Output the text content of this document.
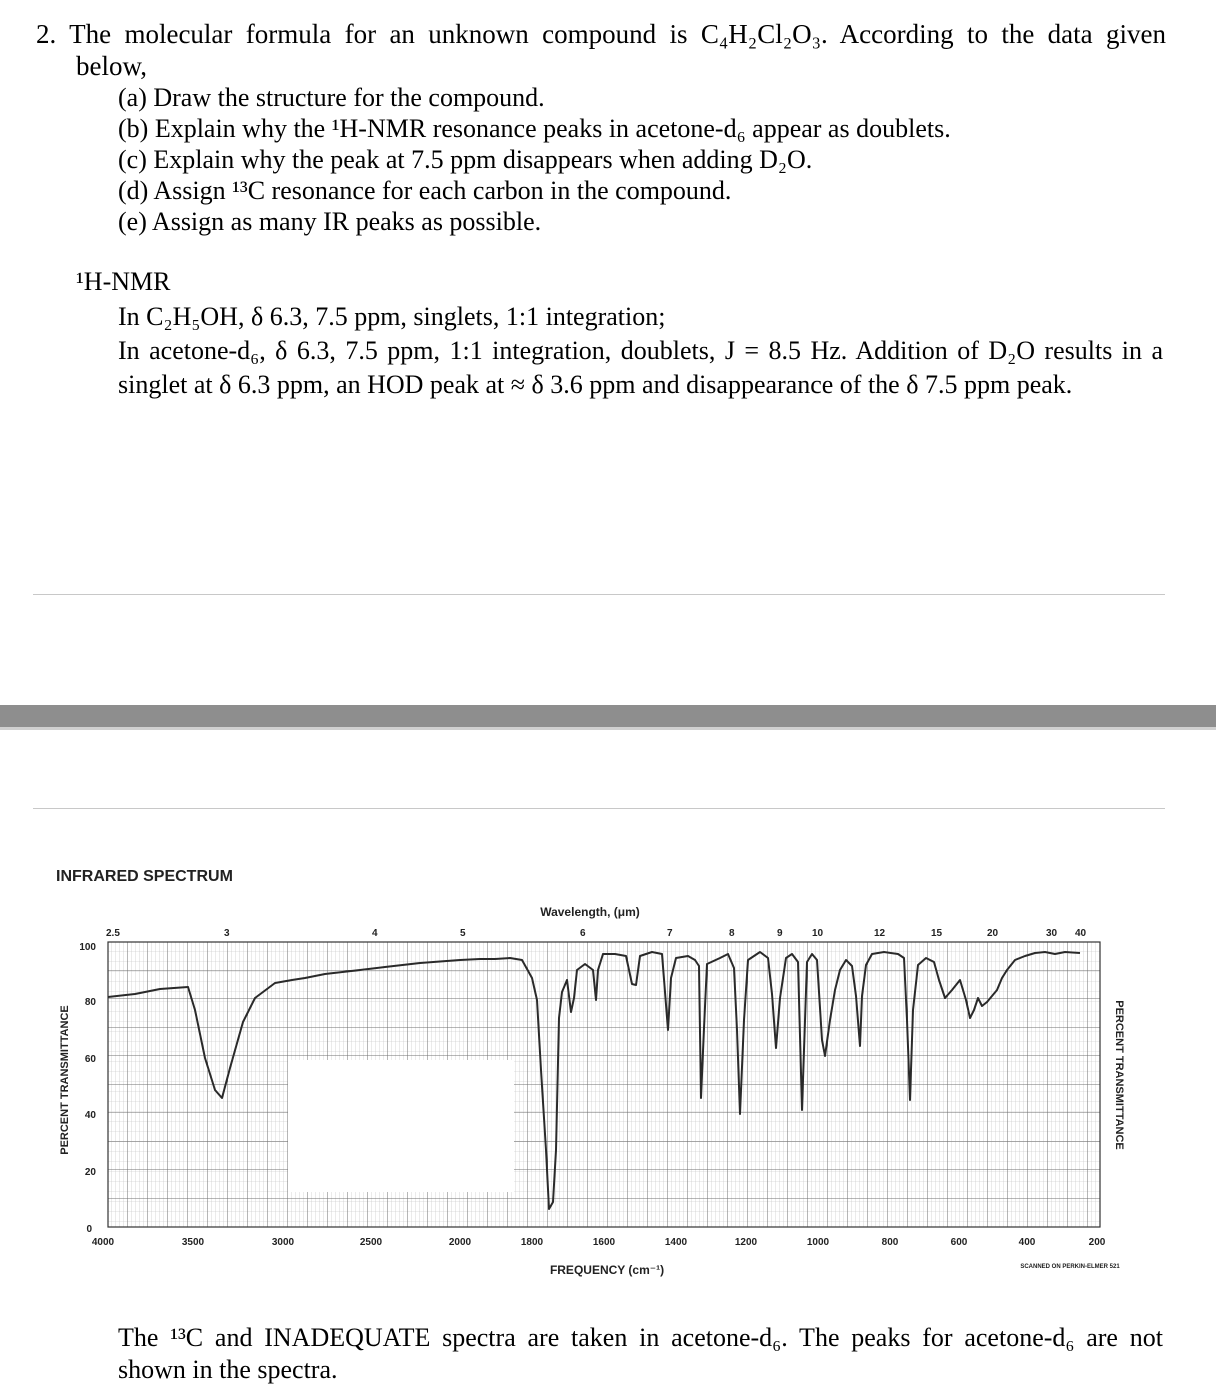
2. The molecular formula for an unknown compound is C₄H₂Cl₂O₃. According to the data given
below,
(a) Draw the structure for the compound.
(b) Explain why the ¹H-NMR resonance peaks in acetone-d₆ appear as doublets.
(c) Explain why the peak at 7.5 ppm disappears when adding D₂O.
(d) Assign ¹³C resonance for each carbon in the compound.
(e) Assign as many IR peaks as possible.
¹H-NMR
In C₂H₅OH, δ 6.3, 7.5 ppm, singlets, 1:1 integration;
In acetone-d₆, δ 6.3, 7.5 ppm, 1:1 integration, doublets, J = 8.5 Hz. Addition of D₂O results in a
singlet at δ 6.3 ppm, an HOD peak at ≈ δ 3.6 ppm and disappearance of the δ 7.5 ppm peak.
INFRARED SPECTRUM
Wavelength, (μm)
2.5	3	4	5	6	7	8	9	10	12	15	20	30 40
100
80
60
40
20
0
PERCENT TRANSMITTANCE	PERCENT TRANSMITTANCE
4000	3500	3000	2500	2000	1800	1600	1400	1200	1000	800	600	400	200
FREQUENCY (cm⁻¹)	SCANNED ON PERKIN-ELMER 521
The ¹³C and INADEQUATE spectra are taken in acetone-d₆. The peaks for acetone-d₆ are not
shown in the spectra.
